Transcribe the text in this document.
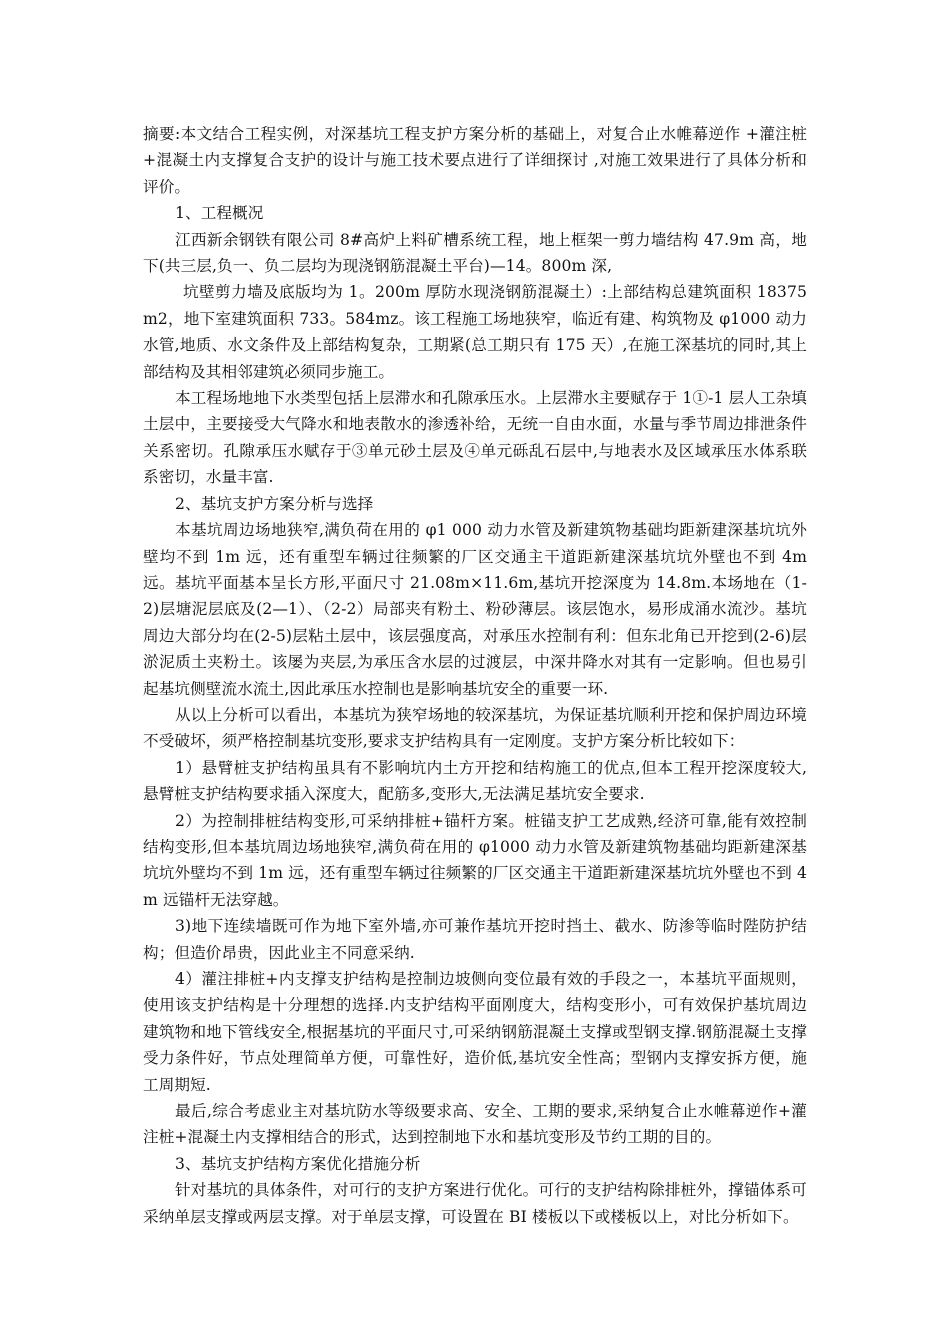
摘要:本文结合工程实例，对深基坑工程支护方案分析的基础上，对复合止水帷幕逆作 +灌注桩+混凝土内支撑复合支护的设计与施工技术要点进行了详细探讨 ,对施工效果进行了具体分析和评价。

1、工程概况

江西新余钢铁有限公司 8#高炉上料矿槽系统工程，地上框架一剪力墙结构 47.9m 高，地下(共三层,负一、负二层均为现浇钢筋混凝土平台)—14。800m 深,

坑壁剪力墙及底版均为 1。200m 厚防水现浇钢筋混凝土）:上部结构总建筑面积 18375m2，地下室建筑面积 733。584mz。该工程施工场地狭窄，临近有建、构筑物及 φ1000 动力水管,地质、水文条件及上部结构复杂，工期紧(总工期只有 175 天）,在施工深基坑的同时,其上部结构及其相邻建筑必须同步施工。

本工程场地地下水类型包括上层滞水和孔隙承压水。上层滞水主要赋存于 1①-1 层人工杂填土层中，主要接受大气降水和地表散水的渗透补给，无统一自由水面，水量与季节周边排泄条件关系密切。孔隙承压水赋存于③单元砂土层及④单元砾乱石层中,与地表水及区域承压水体系联系密切，水量丰富.

2、基坑支护方案分析与选择

本基坑周边场地狭窄,满负荷在用的 φ1 000 动力水管及新建筑物基础均距新建深基坑坑外壁均不到 1m 远，还有重型车辆过往频繁的厂区交通主干道距新建深基坑坑外壁也不到 4m 远。基坑平面基本呈长方形,平面尺寸 21.08m×11.6m,基坑开挖深度为 14.8m.本场地在（1-2)层塘泥层底及(2—1）、（2-2）局部夹有粉土、粉砂薄层。该层饱水，易形成涌水流沙。基坑周边大部分均在(2-5)层粘土层中，该层强度高，对承压水控制有利：但东北角已开挖到(2-6)层淤泥质土夹粉土。该屡为夹层,为承压含水层的过渡层，中深井降水对其有一定影响。但也易引起基坑侧壁流水流土,因此承压水控制也是影响基坑安全的重要一环.

从以上分析可以看出，本基坑为狭窄场地的较深基坑，为保证基坑顺利开挖和保护周边环境不受破坏，须严格控制基坑变形,要求支护结构具有一定刚度。支护方案分析比较如下：

1）悬臂桩支护结构虽具有不影响坑内土方开挖和结构施工的优点,但本工程开挖深度较大,悬臂桩支护结构要求插入深度大，配筋多,变形大,无法满足基坑安全要求.

2）为控制排桩结构变形,可采纳排桩+锚杆方案。桩锚支护工艺成熟,经济可靠,能有效控制结构变形,但本基坑周边场地狭窄,满负荷在用的 φ1000 动力水管及新建筑物基础均距新建深基坑坑外壁均不到 1m 远，还有重型车辆过往频繁的厂区交通主干道距新建深基坑坑外壁也不到 4m 远锚杆无法穿越。

3)地下连续墙既可作为地下室外墙,亦可兼作基坑开挖时挡土、截水、防渗等临时陛防护结构；但造价昂贵，因此业主不同意采纳.

4）灌注排桩+内支撑支护结构是控制边坡侧向变位最有效的手段之一，本基坑平面规则，使用该支护结构是十分理想的选择.内支护结构平面刚度大，结构变形小，可有效保护基坑周边建筑物和地下管线安全,根据基坑的平面尺寸,可采纳钢筋混凝土支撑或型钢支撑.钢筋混凝土支撑受力条件好，节点处理简单方便，可靠性好，造价低,基坑安全性高；型钢内支撑安拆方便，施工周期短.

最后,综合考虑业主对基坑防水等级要求高、安全、工期的要求,采纳复合止水帷幕逆作+灌注桩+混凝土内支撑相结合的形式，达到控制地下水和基坑变形及节约工期的目的。

3、基坑支护结构方案优化措施分析

针对基坑的具体条件，对可行的支护方案进行优化。可行的支护结构除排桩外，撑锚体系可采纳单层支撑或两层支撑。对于单层支撑，可设置在 BI 楼板以下或楼板以上，对比分析如下。
